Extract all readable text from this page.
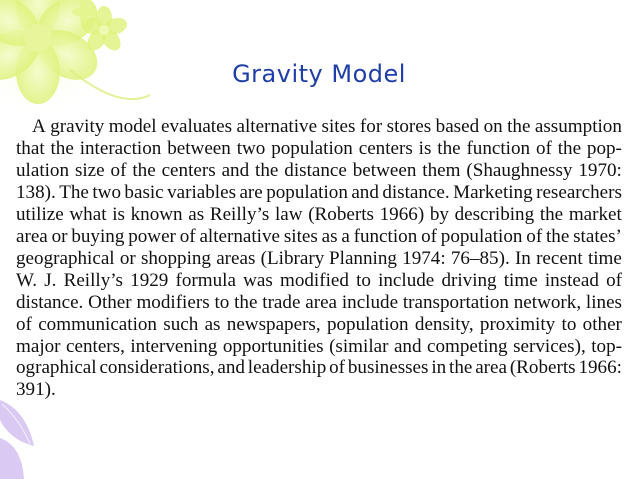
Gravity Model
A gravity model evaluates alternative sites for stores based on the assumption
that the interaction between two population centers is the function of the pop-
ulation size of the centers and the distance between them (Shaughnessy 1970:
138). The two basic variables are population and distance. Marketing researchers
utilize what is known as Reilly’s law (Roberts 1966) by describing the market
area or buying power of alternative sites as a function of population of the states’
geographical or shopping areas (Library Planning 1974: 76–85). In recent time
W. J. Reilly’s 1929 formula was modified to include driving time instead of
distance. Other modifiers to the trade area include transportation network, lines
of communication such as newspapers, population density, proximity to other
major centers, intervening opportunities (similar and competing services), top-
ographical considerations, and leadership of businesses in the area (Roberts 1966:
391).
